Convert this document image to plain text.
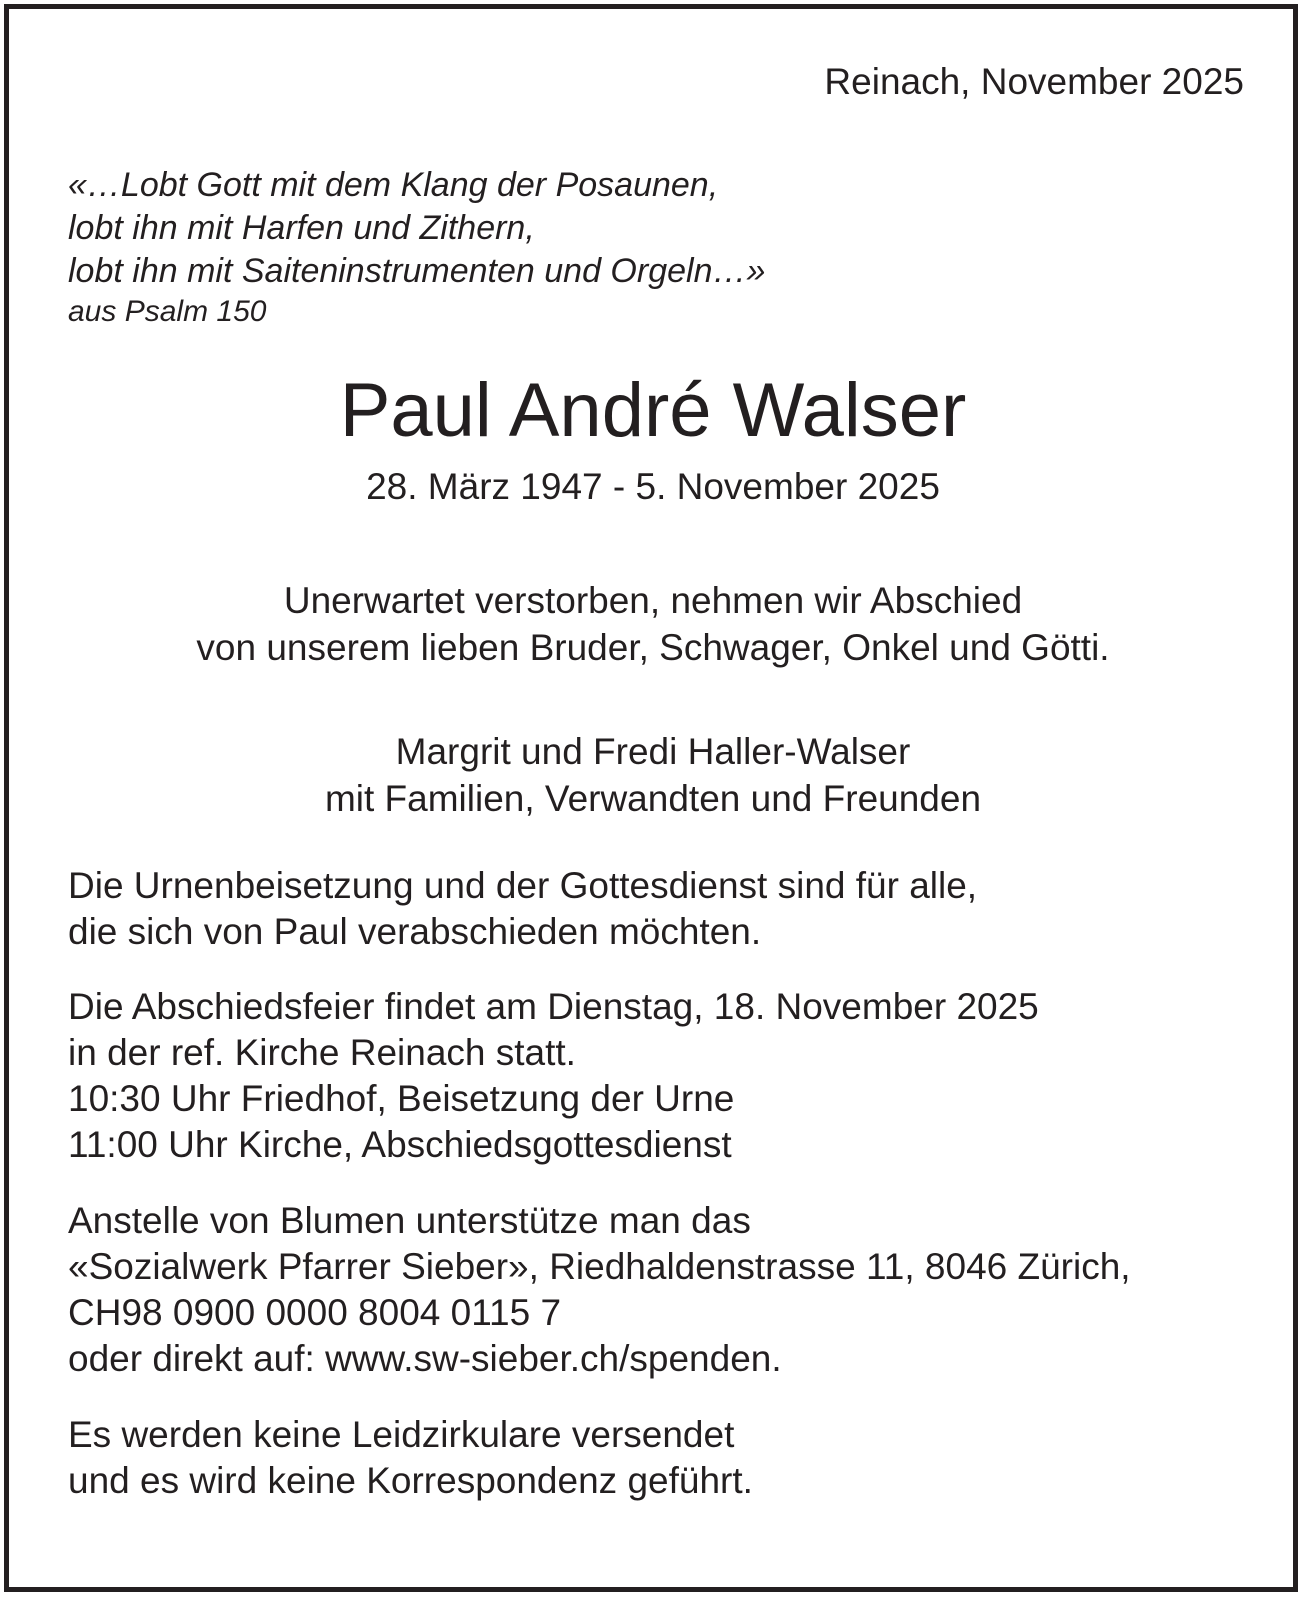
Reinach, November 2025
«…Lobt Gott mit dem Klang der Posaunen,
lobt ihn mit Harfen und Zithern,
lobt ihn mit Saiteninstrumenten und Orgeln…»
aus Psalm 150
Paul André Walser
28. März 1947 - 5. November 2025
Unerwartet verstorben, nehmen wir Abschied
von unserem lieben Bruder, Schwager, Onkel und Götti.
Margrit und Fredi Haller-Walser
mit Familien, Verwandten und Freunden
Die Urnenbeisetzung und der Gottesdienst sind für alle,
die sich von Paul verabschieden möchten.
Die Abschiedsfeier findet am Dienstag, 18. November 2025
in der ref. Kirche Reinach statt.
10:30 Uhr Friedhof, Beisetzung der Urne
11:00 Uhr Kirche, Abschiedsgottesdienst
Anstelle von Blumen unterstütze man das
«Sozialwerk Pfarrer Sieber», Riedhaldenstrasse 11, 8046 Zürich,
CH98 0900 0000 8004 0115 7
oder direkt auf: www.sw-sieber.ch/spenden.
Es werden keine Leidzirkulare versendet
und es wird keine Korrespondenz geführt.
